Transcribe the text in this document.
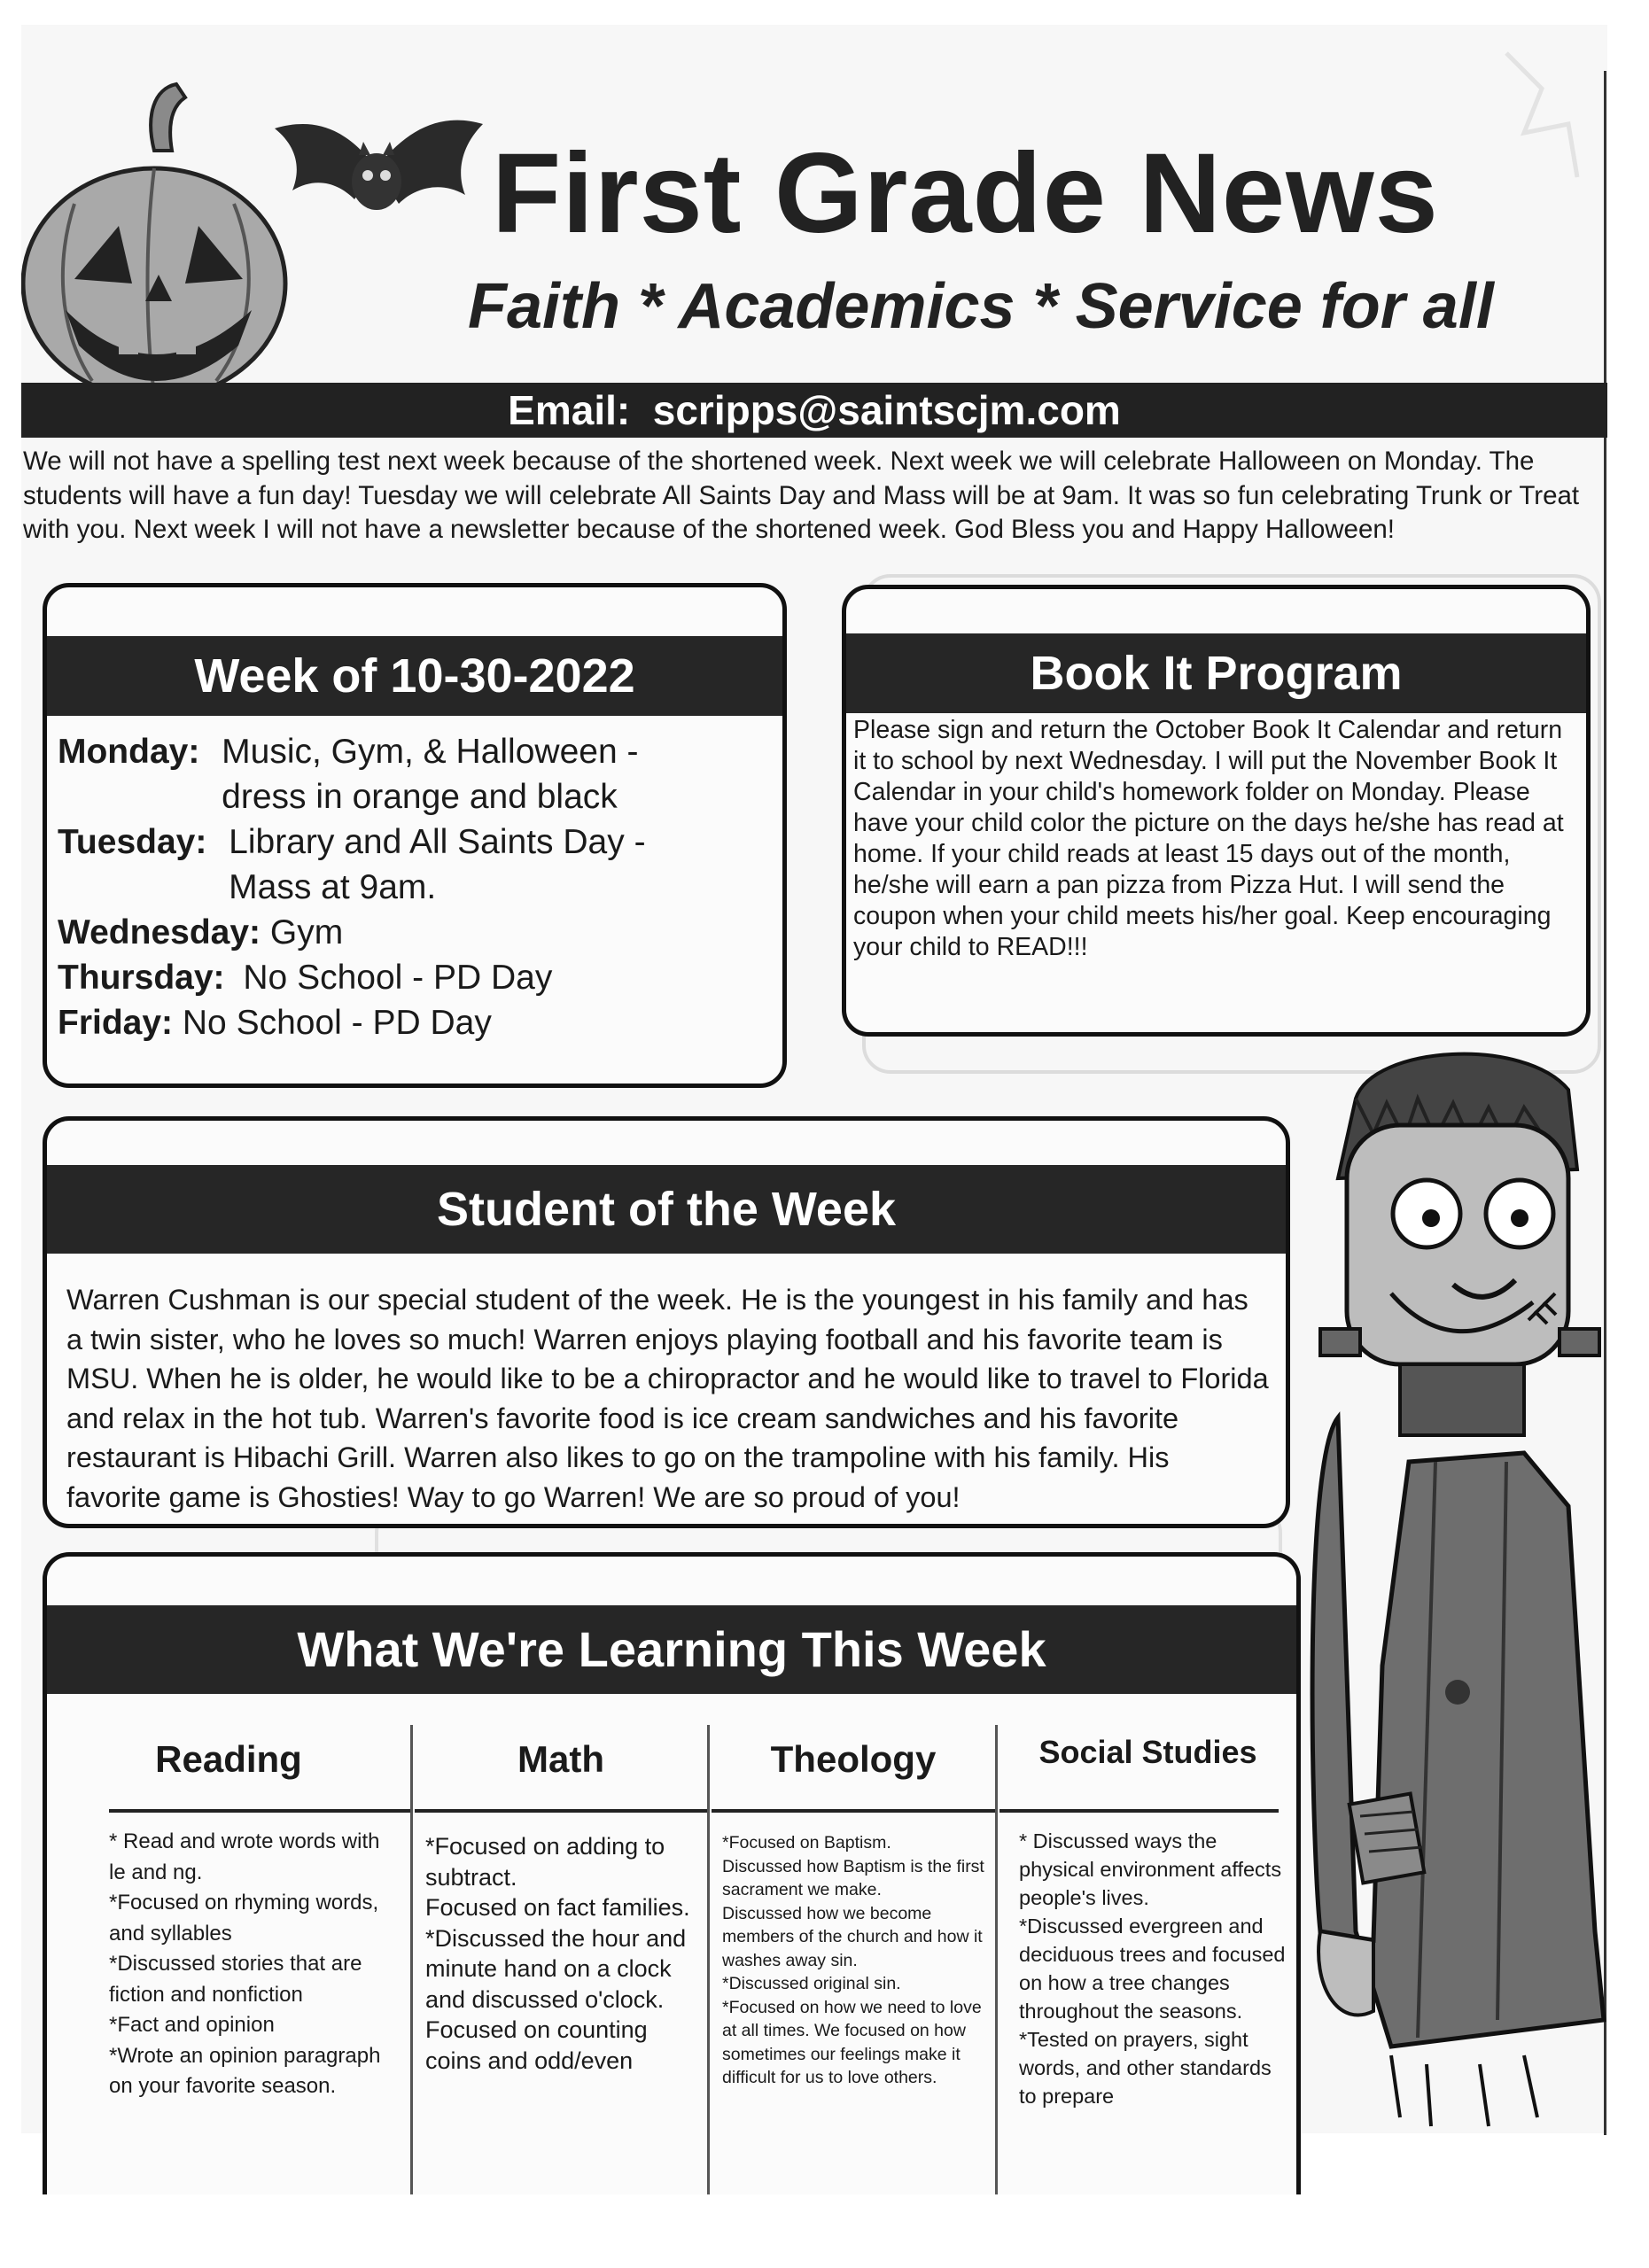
First Grade News
Faith * Academics * Service for all
Email: scripps@saintscjm.com
We will not have a spelling test next week because of the shortened week. Next week we will celebrate Halloween on Monday. The students will have a fun day! Tuesday we will celebrate All Saints Day and Mass will be at 9am. It was so fun celebrating Trunk or Treat with you. Next week I will not have a newsletter because of the shortened week. God Bless you and Happy Halloween!
Week of 10-30-2022
Monday: Music, Gym, & Halloween -
dress in orange and black
Tuesday: Library and All Saints Day -
Mass at 9am.
Wednesday: Gym
Thursday: No School - PD Day
Friday: No School - PD Day
Book It Program
Please sign and return the October Book It Calendar and return it to school by next Wednesday. I will put the November Book It Calendar in your child's homework folder on Monday. Please have your child color the picture on the days he/she has read at home. If your child reads at least 15 days out of the month, he/she will earn a pan pizza from Pizza Hut. I will send the coupon when your child meets his/her goal. Keep encouraging your child to READ!!!
Student of the Week
Warren Cushman is our special student of the week. He is the youngest in his family and has a twin sister, who he loves so much! Warren enjoys playing football and his favorite team is MSU. When he is older, he would like to be a chiropractor and he would like to travel to Florida and relax in the hot tub. Warren's favorite food is ice cream sandwiches and his favorite restaurant is Hibachi Grill. Warren also likes to go on the trampoline with his family. His favorite game is Ghosties! Way to go Warren! We are so proud of you!
What We're Learning This Week
Reading
* Read and wrote words with le and ng.
*Focused on rhyming words, and syllables
*Discussed stories that are fiction and nonfiction
*Fact and opinion
*Wrote an opinion paragraph on your favorite season.
Math
*Focused on adding to subtract.
Focused on fact families.
*Discussed the hour and minute hand on a clock and discussed o'clock.
Focused on counting coins and odd/even
Theology
*Focused on Baptism.
Discussed how Baptism is the first sacrament we make.
Discussed how we become members of the church and how it washes away sin.
*Discussed original sin.
*Focused on how we need to love at all times. We focused on how sometimes our feelings make it difficult for us to love others.
Social Studies
* Discussed ways the physical environment affects people's lives.
*Discussed evergreen and deciduous trees and focused on how a tree changes throughout the seasons.
*Tested on prayers, sight words, and other standards to prepare
